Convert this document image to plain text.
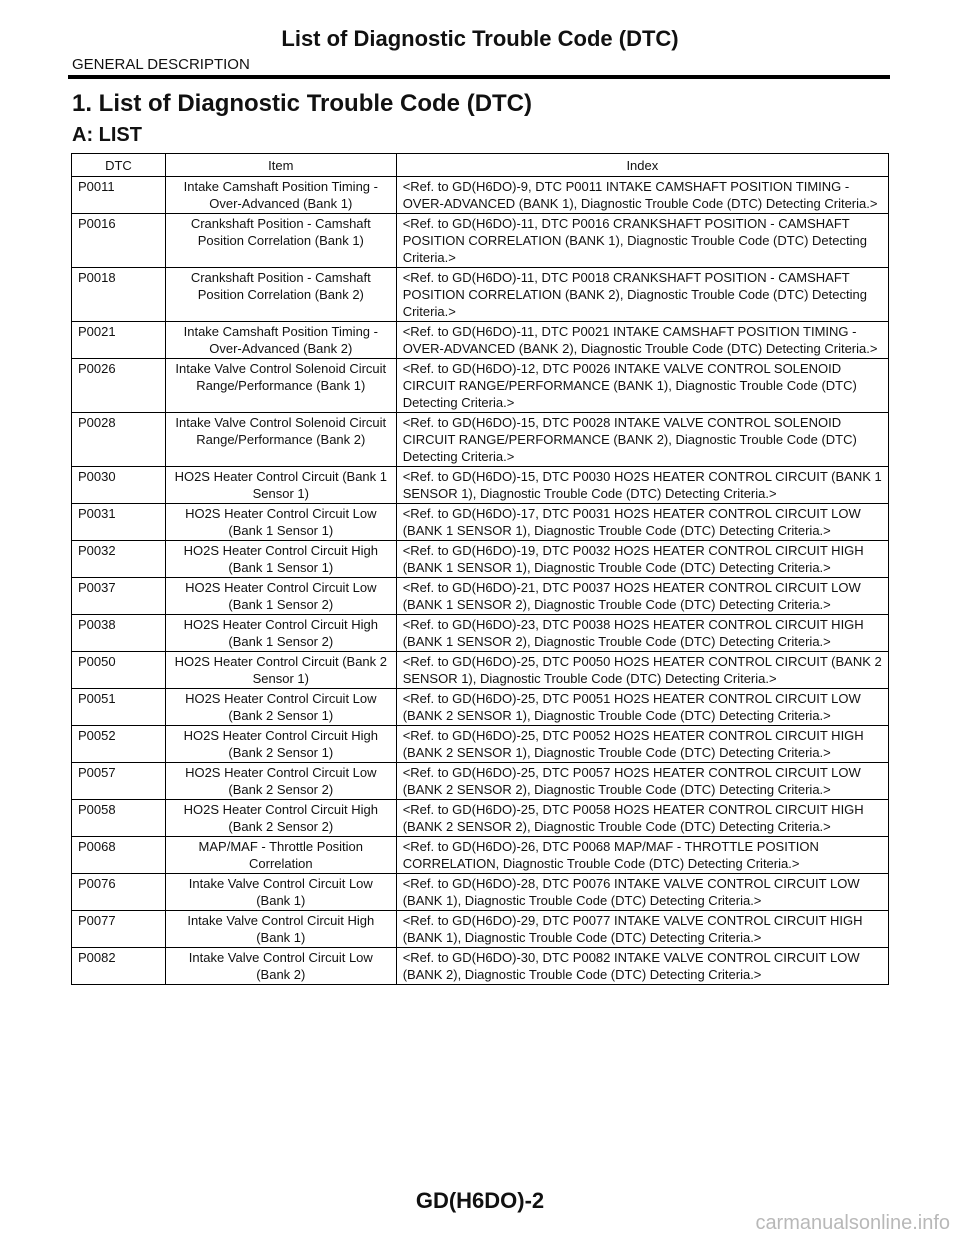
List of Diagnostic Trouble Code (DTC)
GENERAL DESCRIPTION
1. List of Diagnostic Trouble Code (DTC)
A: LIST
DTC	Item	Index
P0011	Intake Camshaft Position Timing - Over-Advanced (Bank 1)	<Ref. to GD(H6DO)-9, DTC P0011 INTAKE CAMSHAFT POSITION TIMING - OVER-ADVANCED (BANK 1), Diagnostic Trouble Code (DTC) Detecting Criteria.>
P0016	Crankshaft Position - Camshaft Position Correlation (Bank 1)	<Ref. to GD(H6DO)-11, DTC P0016 CRANKSHAFT POSITION - CAMSHAFT POSITION CORRELATION (BANK 1), Diagnostic Trouble Code (DTC) Detecting Criteria.>
P0018	Crankshaft Position - Camshaft Position Correlation (Bank 2)	<Ref. to GD(H6DO)-11, DTC P0018 CRANKSHAFT POSITION - CAMSHAFT POSITION CORRELATION (BANK 2), Diagnostic Trouble Code (DTC) Detecting Criteria.>
P0021	Intake Camshaft Position Timing - Over-Advanced (Bank 2)	<Ref. to GD(H6DO)-11, DTC P0021 INTAKE CAMSHAFT POSITION TIMING - OVER-ADVANCED (BANK 2), Diagnostic Trouble Code (DTC) Detecting Criteria.>
P0026	Intake Valve Control Solenoid Circuit Range/Performance (Bank 1)	<Ref. to GD(H6DO)-12, DTC P0026 INTAKE VALVE CONTROL SOLENOID CIRCUIT RANGE/PERFORMANCE (BANK 1), Diagnostic Trouble Code (DTC) Detecting Criteria.>
P0028	Intake Valve Control Solenoid Circuit Range/Performance (Bank 2)	<Ref. to GD(H6DO)-15, DTC P0028 INTAKE VALVE CONTROL SOLENOID CIRCUIT RANGE/PERFORMANCE (BANK 2), Diagnostic Trouble Code (DTC) Detecting Criteria.>
P0030	HO2S Heater Control Circuit (Bank 1 Sensor 1)	<Ref. to GD(H6DO)-15, DTC P0030 HO2S HEATER CONTROL CIRCUIT (BANK 1 SENSOR 1), Diagnostic Trouble Code (DTC) Detecting Criteria.>
P0031	HO2S Heater Control Circuit Low (Bank 1 Sensor 1)	<Ref. to GD(H6DO)-17, DTC P0031 HO2S HEATER CONTROL CIRCUIT LOW (BANK 1 SENSOR 1), Diagnostic Trouble Code (DTC) Detecting Criteria.>
P0032	HO2S Heater Control Circuit High (Bank 1 Sensor 1)	<Ref. to GD(H6DO)-19, DTC P0032 HO2S HEATER CONTROL CIRCUIT HIGH (BANK 1 SENSOR 1), Diagnostic Trouble Code (DTC) Detecting Criteria.>
P0037	HO2S Heater Control Circuit Low (Bank 1 Sensor 2)	<Ref. to GD(H6DO)-21, DTC P0037 HO2S HEATER CONTROL CIRCUIT LOW (BANK 1 SENSOR 2), Diagnostic Trouble Code (DTC) Detecting Criteria.>
P0038	HO2S Heater Control Circuit High (Bank 1 Sensor 2)	<Ref. to GD(H6DO)-23, DTC P0038 HO2S HEATER CONTROL CIRCUIT HIGH (BANK 1 SENSOR 2), Diagnostic Trouble Code (DTC) Detecting Criteria.>
P0050	HO2S Heater Control Circuit (Bank 2 Sensor 1)	<Ref. to GD(H6DO)-25, DTC P0050 HO2S HEATER CONTROL CIRCUIT (BANK 2 SENSOR 1), Diagnostic Trouble Code (DTC) Detecting Criteria.>
P0051	HO2S Heater Control Circuit Low (Bank 2 Sensor 1)	<Ref. to GD(H6DO)-25, DTC P0051 HO2S HEATER CONTROL CIRCUIT LOW (BANK 2 SENSOR 1), Diagnostic Trouble Code (DTC) Detecting Criteria.>
P0052	HO2S Heater Control Circuit High (Bank 2 Sensor 1)	<Ref. to GD(H6DO)-25, DTC P0052 HO2S HEATER CONTROL CIRCUIT HIGH (BANK 2 SENSOR 1), Diagnostic Trouble Code (DTC) Detecting Criteria.>
P0057	HO2S Heater Control Circuit Low (Bank 2 Sensor 2)	<Ref. to GD(H6DO)-25, DTC P0057 HO2S HEATER CONTROL CIRCUIT LOW (BANK 2 SENSOR 2), Diagnostic Trouble Code (DTC) Detecting Criteria.>
P0058	HO2S Heater Control Circuit High (Bank 2 Sensor 2)	<Ref. to GD(H6DO)-25, DTC P0058 HO2S HEATER CONTROL CIRCUIT HIGH (BANK 2 SENSOR 2), Diagnostic Trouble Code (DTC) Detecting Criteria.>
P0068	MAP/MAF - Throttle Position Correlation	<Ref. to GD(H6DO)-26, DTC P0068 MAP/MAF - THROTTLE POSITION CORRELATION, Diagnostic Trouble Code (DTC) Detecting Criteria.>
P0076	Intake Valve Control Circuit Low (Bank 1)	<Ref. to GD(H6DO)-28, DTC P0076 INTAKE VALVE CONTROL CIRCUIT LOW (BANK 1), Diagnostic Trouble Code (DTC) Detecting Criteria.>
P0077	Intake Valve Control Circuit High (Bank 1)	<Ref. to GD(H6DO)-29, DTC P0077 INTAKE VALVE CONTROL CIRCUIT HIGH (BANK 1), Diagnostic Trouble Code (DTC) Detecting Criteria.>
P0082	Intake Valve Control Circuit Low (Bank 2)	<Ref. to GD(H6DO)-30, DTC P0082 INTAKE VALVE CONTROL CIRCUIT LOW (BANK 2), Diagnostic Trouble Code (DTC) Detecting Criteria.>
GD(H6DO)-2
carmanualsonline.info
